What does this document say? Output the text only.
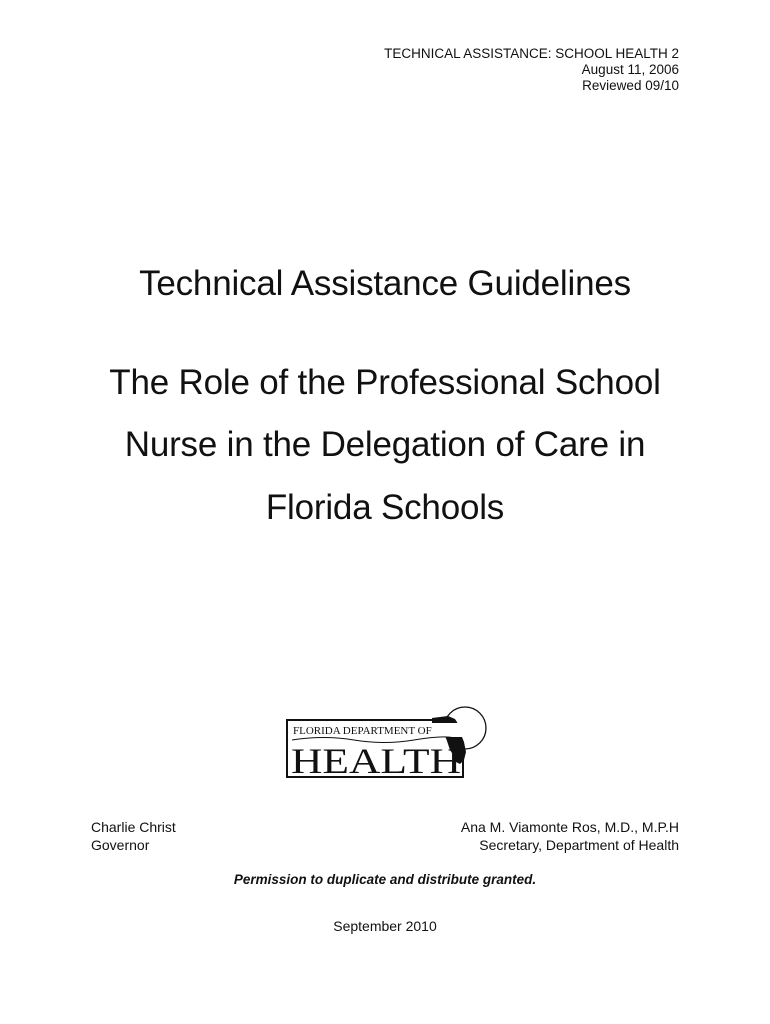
TECHNICAL ASSISTANCE: SCHOOL HEALTH 2
August 11, 2006
Reviewed 09/10
Technical Assistance Guidelines
The Role of the Professional School
Nurse in the Delegation of Care in
Florida Schools
FLORIDA DEPARTMENT OF
HEALTH
Charlie Christ
Governor
Ana M. Viamonte Ros, M.D., M.P.H
Secretary, Department of Health
Permission to duplicate and distribute granted.
September 2010
